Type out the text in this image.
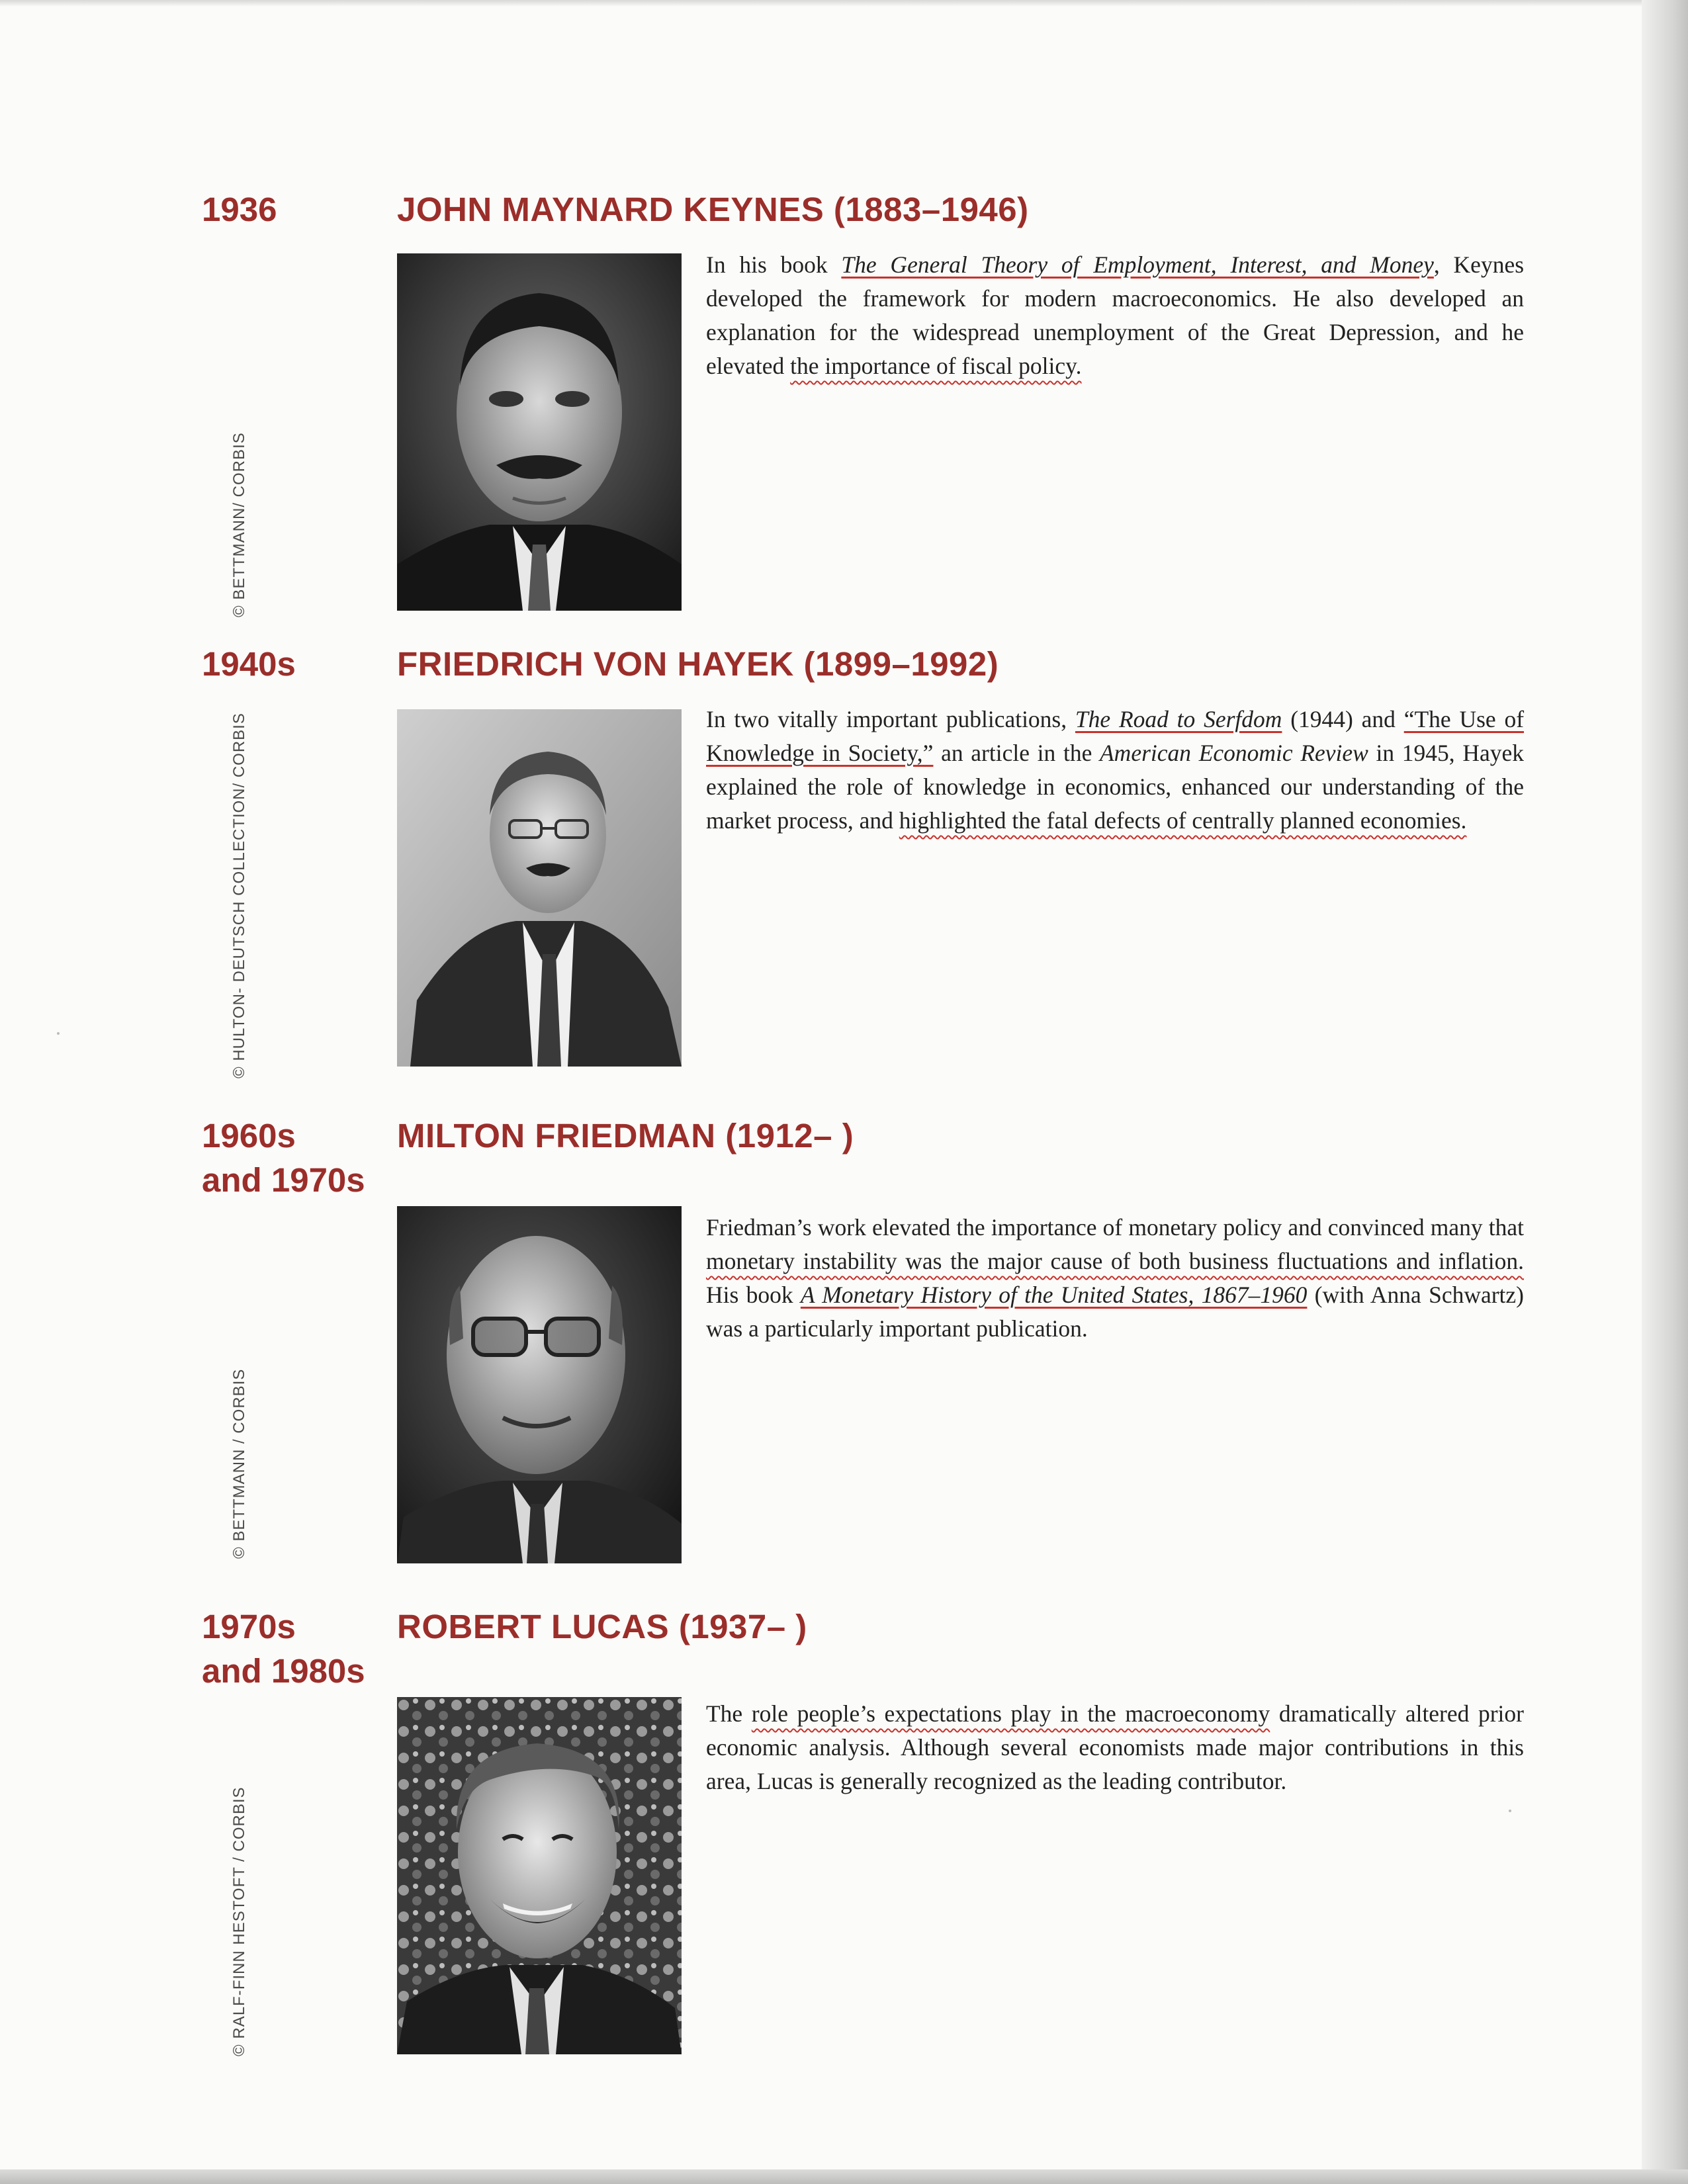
1936	JOHN MAYNARD KEYNES (1883–1946)
© BETTMANN/ CORBIS
In his book The General Theory of Employment, Interest, and Money, Keynes developed the framework for modern macroeconomics. He also developed an explanation for the widespread unemployment of the Great Depression, and he elevated the importance of fiscal policy.
1940s	FRIEDRICH VON HAYEK (1899–1992)
© HULTON- DEUTSCH COLLECTION/ CORBIS	In two vitally important publications, The Road to Serfdom (1944) and “The Use of Knowledge in Society,” an article in the American Economic Review in 1945, Hayek explained the role of knowledge in economics, enhanced our understanding of the market process, and highlighted the fatal defects of centrally planned economies.
1960s
and 1970s
MILTON FRIEDMAN (1912– )
© BETTMANN / CORBIS
Friedman’s work elevated the importance of monetary policy and convinced many that monetary instability was the major cause of both business fluctuations and inflation. His book A Monetary History of the United States, 1867–1960 (with Anna Schwartz) was a particularly important publication.
1970s
and 1980s
ROBERT LUCAS (1937– )
© RALF-FINN HESTOFT / CORBIS
The role people’s expectations play in the macroeconomy dramatically altered prior economic analysis. Although several economists made major contributions in this area, Lucas is generally recognized as the leading contributor.
